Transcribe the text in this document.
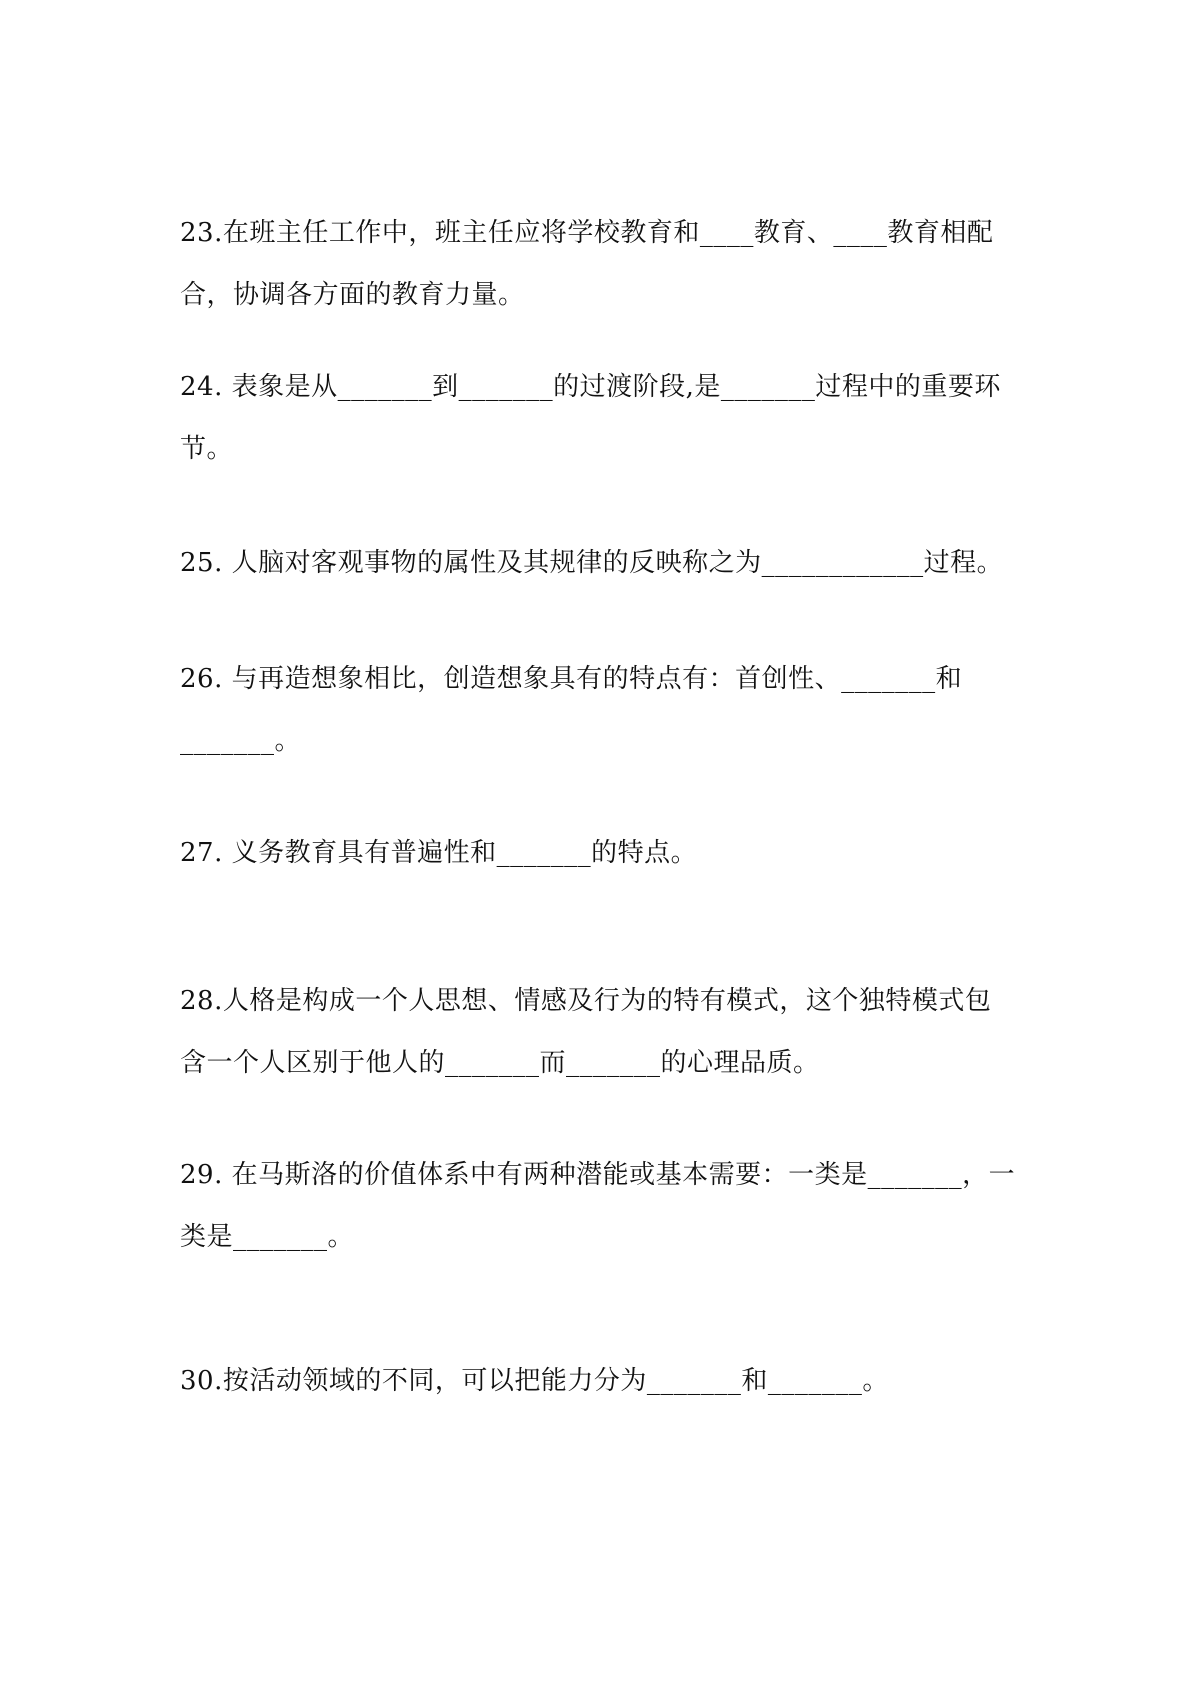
23.在班主任工作中，班主任应将学校教育和____教育、____教育相配
合，协调各方面的教育力量。
24. 表象是从_______到_______的过渡阶段,是_______过程中的重要环
节。
25. 人脑对客观事物的属性及其规律的反映称之为____________过程。
26. 与再造想象相比，创造想象具有的特点有：首创性、_______和
_______。
27. 义务教育具有普遍性和_______的特点。
28.人格是构成一个人思想、情感及行为的特有模式，这个独特模式包
含一个人区别于他人的_______而_______的心理品质。
29. 在马斯洛的价值体系中有两种潜能或基本需要：一类是_______，一
类是_______。
30.按活动领域的不同，可以把能力分为_______和_______。
